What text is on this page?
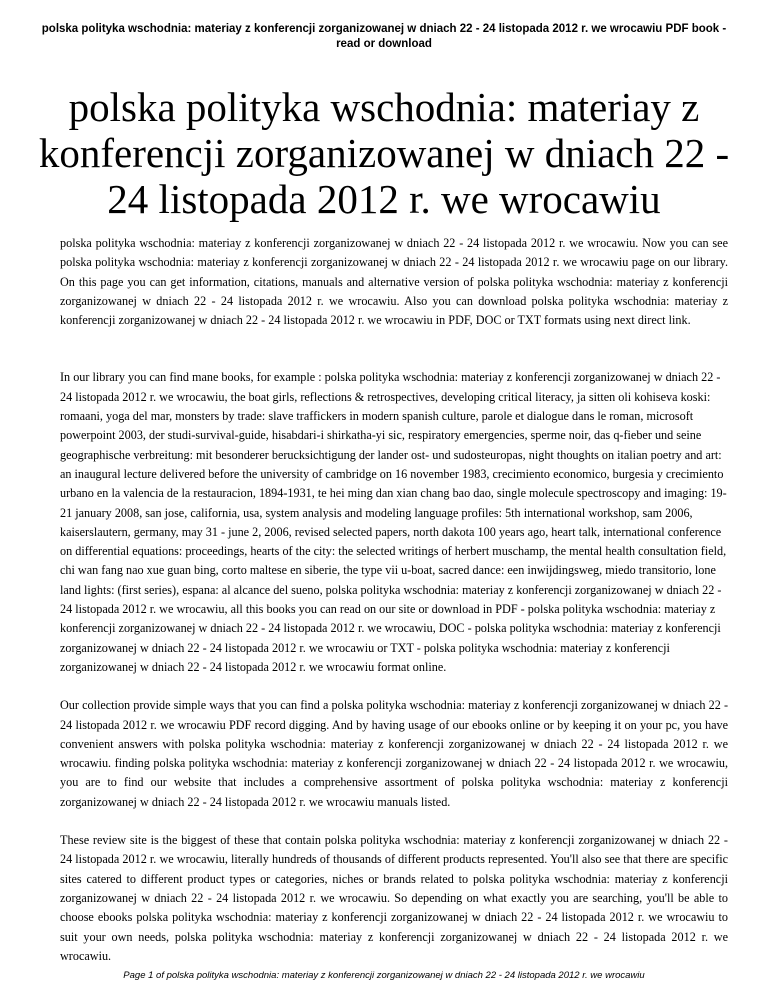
polska polityka wschodnia: materiay z konferencji zorganizowanej w dniach 22 - 24 listopada 2012 r. we wrocawiu PDF book - read or download
polska polityka wschodnia: materiay z konferencji zorganizowanej w dniach 22 - 24 listopada 2012 r. we wrocawiu

polska polityka wschodnia: materiay z konferencji zorganizowanej w dniach 22 - 24 listopada 2012 r. we wrocawiu. Now you can see polska polityka wschodnia: materiay z konferencji zorganizowanej w dniach 22 - 24 listopada 2012 r. we wrocawiu page on our library. On this page you can get information, citations, manuals and alternative version of polska polityka wschodnia: materiay z konferencji zorganizowanej w dniach 22 - 24 listopada 2012 r. we wrocawiu. Also you can download polska polityka wschodnia: materiay z konferencji zorganizowanej w dniach 22 - 24 listopada 2012 r. we wrocawiu in PDF, DOC or TXT formats using next direct link.

In our library you can find mane books, for example : polska polityka wschodnia: materiay z konferencji zorganizowanej w dniach 22 - 24 listopada 2012 r. we wrocawiu, the boat girls, reflections & retrospectives, developing critical literacy, ja sitten oli kohiseva koski: romaani, yoga del mar, monsters by trade: slave traffickers in modern spanish culture, parole et dialogue dans le roman, microsoft powerpoint 2003, der studi-survival-guide, hisabdari-i shirkatha-yi sic, respiratory emergencies, sperme noir, das q-fieber und seine geographische verbreitung: mit besonderer berucksichtigung der lander ost- und sudosteuropas, night thoughts on italian poetry and art: an inaugural lecture delivered before the university of cambridge on 16 november 1983, crecimiento economico, burgesia y crecimiento urbano en la valencia de la restauracion, 1894-1931, te hei ming dan xian chang bao dao, single molecule spectroscopy and imaging: 19-21 january 2008, san jose, california, usa, system analysis and modeling language profiles: 5th international workshop, sam 2006, kaiserslautern, germany, may 31 - june 2, 2006, revised selected papers, north dakota 100 years ago, heart talk, international conference on differential equations: proceedings, hearts of the city: the selected writings of herbert muschamp, the mental health consultation field, chi wan fang nao xue guan bing, corto maltese en siberie, the type vii u-boat, sacred dance: een inwijdingsweg, miedo transitorio, lone land lights: (first series), espana: al alcance del sueno, polska polityka wschodnia: materiay z konferencji zorganizowanej w dniach 22 - 24 listopada 2012 r. we wrocawiu, all this books you can read on our site or download in PDF - polska polityka wschodnia: materiay z konferencji zorganizowanej w dniach 22 - 24 listopada 2012 r. we wrocawiu, DOC - polska polityka wschodnia: materiay z konferencji zorganizowanej w dniach 22 - 24 listopada 2012 r. we wrocawiu or TXT - polska polityka wschodnia: materiay z konferencji zorganizowanej w dniach 22 - 24 listopada 2012 r. we wrocawiu format online.

Our collection provide simple ways that you can find a polska polityka wschodnia: materiay z konferencji zorganizowanej w dniach 22 - 24 listopada 2012 r. we wrocawiu PDF record digging. And by having usage of our ebooks online or by keeping it on your pc, you have convenient answers with polska polityka wschodnia: materiay z konferencji zorganizowanej w dniach 22 - 24 listopada 2012 r. we wrocawiu. finding polska polityka wschodnia: materiay z konferencji zorganizowanej w dniach 22 - 24 listopada 2012 r. we wrocawiu, you are to find our website that includes a comprehensive assortment of polska polityka wschodnia: materiay z konferencji zorganizowanej w dniach 22 - 24 listopada 2012 r. we wrocawiu manuals listed.

These review site is the biggest of these that contain polska polityka wschodnia: materiay z konferencji zorganizowanej w dniach 22 - 24 listopada 2012 r. we wrocawiu, literally hundreds of thousands of different products represented. You'll also see that there are specific sites catered to different product types or categories, niches or brands related to polska polityka wschodnia: materiay z konferencji zorganizowanej w dniach 22 - 24 listopada 2012 r. we wrocawiu. So depending on what exactly you are searching, you'll be able to choose ebooks polska polityka wschodnia: materiay z konferencji zorganizowanej w dniach 22 - 24 listopada 2012 r. we wrocawiu to suit your own needs, polska polityka wschodnia: materiay z konferencji zorganizowanej w dniach 22 - 24 listopada 2012 r. we wrocawiu.

Page 1 of polska polityka wschodnia: materiay z konferencji zorganizowanej w dniach 22 - 24 listopada 2012 r. we wrocawiu
